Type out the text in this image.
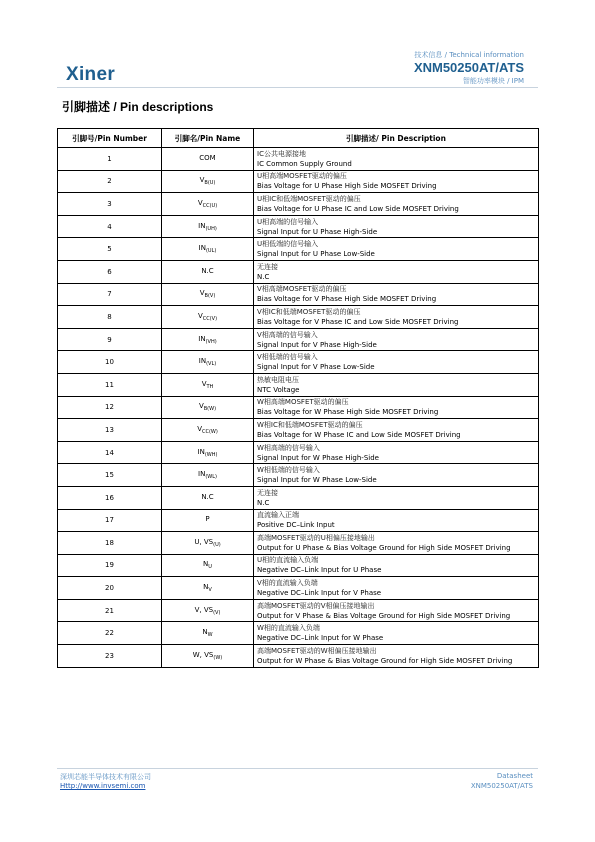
Xiner
技术信息 / Technical information
XNM50250AT/ATS
智能功率模块 / IPM
引脚描述 / Pin descriptions
引脚号/Pin Number	引脚名/Pin Name	引脚描述/ Pin Description
1	COM	IC公共电源接地
IC Common Supply Ground

2	$V_{B(U)}$	U相高端MOSFET驱动的偏压
Bias Voltage for U Phase High Side MOSFET Driving

3	$V_{CC(U)}$	U相IC和低端MOSFET驱动的偏压
Bias Voltage for U Phase IC and Low Side MOSFET Driving

4	$IN_{(UH)}$	U相高端的信号输入
Signal Input for U Phase High-Side

5	$IN_{(UL)}$	U相低端的信号输入
Signal Input for U Phase Low-Side

6	N.C	无连接
N.C

7	$V_{B(V)}$	V相高端MOSFET驱动的偏压
Bias Voltage for V Phase High Side MOSFET Driving

8	$V_{CC(V)}$	V相IC和低端MOSFET驱动的偏压
Bias Voltage for V Phase IC and Low Side MOSFET Driving

9	$IN_{(VH)}$	V相高端的信号输入
Signal Input for V Phase High-Side

10	$IN_{(VL)}$	V相低端的信号输入
Signal Input for V Phase Low-Side

11	$V_{TH}$	热敏电阻电压
NTC Voltage

12	$V_{B(W)}$	W相高端MOSFET驱动的偏压
Bias Voltage for W Phase High Side MOSFET Driving

13	$V_{CC(W)}$	W相IC和低端MOSFET驱动的偏压
Bias Voltage for W Phase IC and Low Side MOSFET Driving

14	$IN_{(WH)}$	W相高端的信号输入
Signal Input for W Phase High-Side

15	$IN_{(WL)}$	W相低端的信号输入
Signal Input for W Phase Low-Side

16	N.C	无连接
N.C

17	P	直流输入正端
Positive DC–Link Input

18	U, $VS_{(U)}$	高端MOSFET驱动的U相偏压接地输出
Output for U Phase & Bias Voltage Ground for High Side MOSFET Driving

19	$N_U$	U相的直流输入负端
Negative DC–Link Input for U Phase

20	$N_V$	V相的直流输入负端
Negative DC–Link Input for V Phase

21	V, $VS_{(V)}$	高端MOSFET驱动的V相偏压接地输出
Output for V Phase & Bias Voltage Ground for High Side MOSFET Driving

22	$N_W$	W相的直流输入负端
Negative DC–Link Input for W Phase

23	W, $VS_{(W)}$	高端MOSFET驱动的W相偏压接地输出
Output for W Phase & Bias Voltage Ground for High Side MOSFET Driving
深圳芯能半导体技术有限公司
Http://www.invsemi.com
Datasheet
XNM50250AT/ATS
